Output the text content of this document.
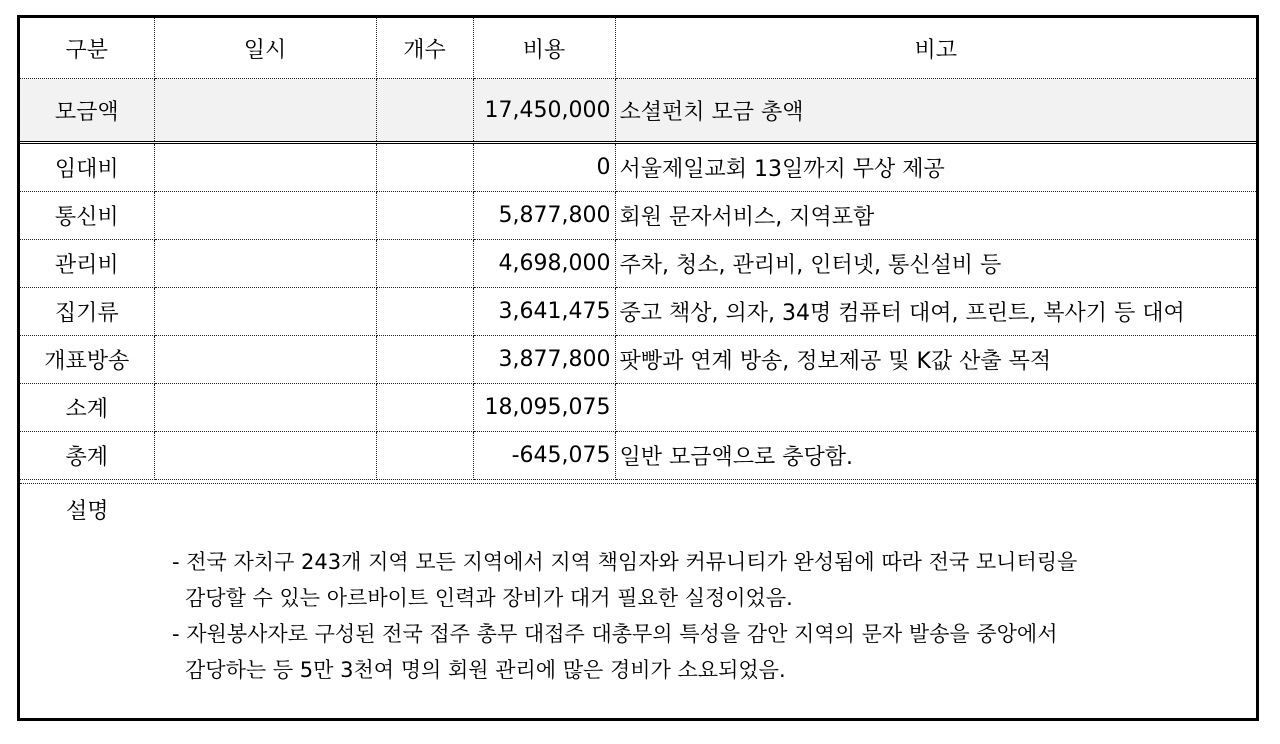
구분	일시	개수	비용	비고
모금액			17,450,000	소셜펀치 모금 총액
임대비			0	서울제일교회 13일까지 무상 제공
통신비			5,877,800	회원 문자서비스, 지역포함
관리비			4,698,000	주차, 청소, 관리비, 인터넷, 통신설비 등
집기류			3,641,475	중고 책상, 의자, 34명 컴퓨터 대여, 프린트, 복사기 등 대여
개표방송			3,877,800	팟빵과 연계 방송, 정보제공 및 K값 산출 목적
소계			18,095,075	
총계			-645,075	일반 모금액으로 충당함.
설명
- 전국 자치구 243개 지역 모든 지역에서 지역 책임자와 커뮤니티가 완성됨에 따라 전국 모니터링을
감당할 수 있는 아르바이트 인력과 장비가 대거 필요한 실정이었음.
- 자원봉사자로 구성된 전국 접주 총무 대접주 대총무의 특성을 감안 지역의 문자 발송을 중앙에서
감당하는 등 5만 3천여 명의 회원 관리에 많은 경비가 소요되었음.
